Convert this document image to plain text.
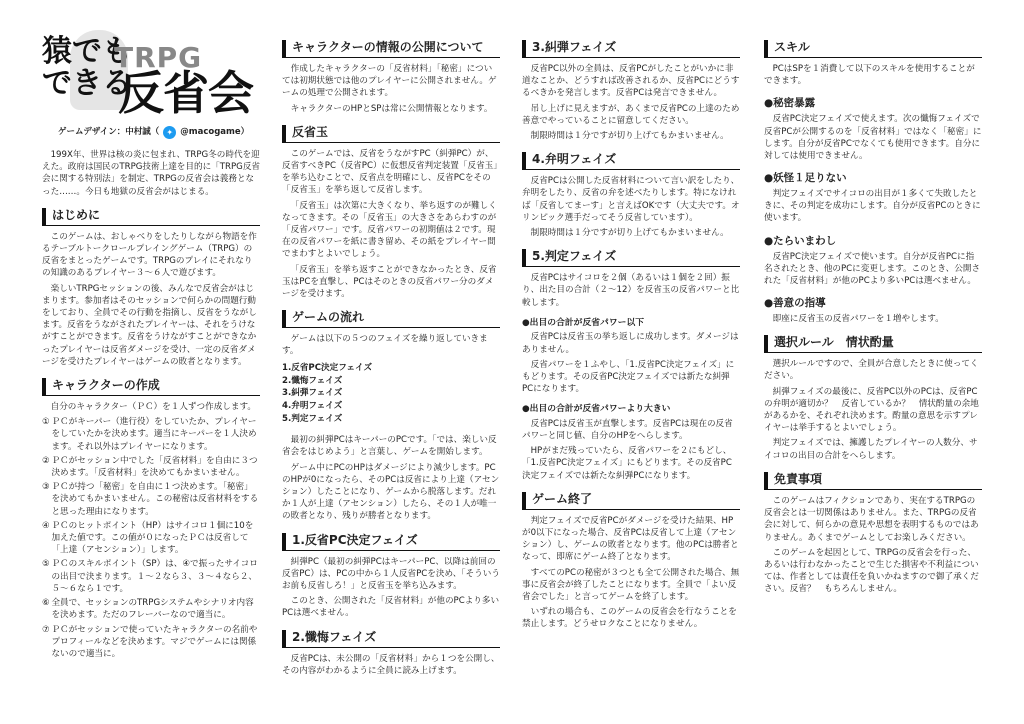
猿でも
できる
TRPG
反省会
ゲームデザイン：中村誠（ ✦ @macogame）

199X年、世界は核の炎に包まれ、TRPG冬の時代を迎えた。政府は国民のTRPG技術上達を目的に「TRPG反省会に関する特別法」を制定、TRPGの反省会は義務となった……。今日も地獄の反省会がはじまる。

はじめに

このゲームは、おしゃべりをしたりしながら物語を作るテーブルトークロールプレイングゲーム（TRPG）の反省をまとったゲームです。TRPGのプレイにそれなりの知識のあるプレイヤー３～６人で遊びます。

楽しいTRPGセッションの後、みんなで反省会がはじまります。参加者はそのセッションで何らかの問題行動をしており、全員でその行動を指摘し、反省をうながします。反省をうながされたプレイヤーは、それをうけながすことができます。反省をうけながすことができなかったプレイヤーは反省ダメージを受け、一定の反省ダメージを受けたプレイヤーはゲームの敗者となります。

キャラクターの作成

自分のキャラクター（ＰＣ）を１人ずつ作成します。

① ＰＣがキーパー（進行役）をしていたか、プレイヤーをしていたかを決めます。適当にキーパーを１人決めます。それ以外はプレイヤーになります。

② ＰＣがセッション中でした「反省材料」を自由に３つ決めます。「反省材料」を決めてもかまいません。

③ ＰＣが持つ「秘密」を自由に１つ決めます。「秘密」を決めてもかまいません。この秘密は反省材料をすると思った理由になります。

④ ＰＣのヒットポイント（HP）はサイコロ１個に10を加えた値です。この値が０になったＰＣは反省して「上達（アセンション）」します。

⑤ ＰＣのスキルポイント（SP）は、④で振ったサイコロの出目で決まります。１～２なら３、３～４なら２、５～６なら１です。

⑥ 全員で、セッションのTRPGシステムやシナリオ内容を決めます。ただのフレーバーなので適当に。

⑦ ＰＣがセッションで使っていたキャラクターの名前やプロフィールなどを決めます。マジでゲームには関係ないので適当に。

キャラクターの情報の公開について

作成したキャラクターの「反省材料」「秘密」については初期状態では他のプレイヤーに公開されません。ゲームの処理で公開されます。

キャラクターのHPとSPは常に公開情報となります。

反省玉

このゲームでは、反省をうながすPC（糾弾PC）が、反省すべきPC（反省PC）に仮想反省判定装置「反省玉」を挙ち込むことで、反省点を明確にし、反省PCをその「反省玉」を挙ち返して反省します。

「反省玉」は次第に大きくなり、挙ち返すのが難しくなってきます。その「反省玉」の大きさをあらわすのが「反省パワー」です。反省パワーの初期値は２です。現在の反省パワーを紙に書き留め、その紙をプレイヤー間でまわすとよいでしょう。

「反省玉」を挙ち返すことができなかったとき、反省玉はPCを直撃し、PCはそのときの反省パワー分のダメージを受けます。

ゲームの流れ

ゲームは以下の５つのフェイズを繰り返していきます。

1.反省PC決定フェイズ
2.懺悔フェイズ
3.糾弾フェイズ
4.弁明フェイズ
5.判定フェイズ

最初の糾弾PCはキーパーのPCです。「では、楽しい反省会をはじめよう」と言葉し、ゲームを開始します。

ゲーム中にPCのHPはダメージにより減少します。PCのHPが0になったら、そのPCは反省により上達（アセンション）したことになり、ゲームから脱落します。だれか１人が上達（アセンション）したら、その１人が唯一の敗者となり、残りが勝者となります。

1.反省PC決定フェイズ

糾弾PC（最初の糾弾PCはキーパーPC、以降は前回の反省PC）は、PCの中から１人反省PCを決め、「そういうお前も反省しろ！」と反省玉を挙ち込みます。

このとき、公開された「反省材料」が他のPCより多いPCは選べません。

2.懺悔フェイズ

反省PCは、未公開の「反省材料」から１つを公開し、その内容がわかるように全員に読み上げます。

3.糾弾フェイズ

反省PC以外の全員は、反省PCがしたことがいかに非道なことか、どうすれば改善されるか、反省PCにどうするべきかを発言します。反省PCは発言できません。

吊し上げに見えますが、あくまで反省PCの上達のため善意でやっていることに留意してください。

制限時間は１分ですが切り上げてもかまいません。

4.弁明フェイズ

反省PCは公開した反省材料について言い訳をしたり、弁明をしたり、反省の弁を述べたりします。特になければ「反省してまーす」と言えばOKです（大丈夫です。オリンピック選手だってそう反省しています）。

制限時間は１分ですが切り上げてもかまいません。

5.判定フェイズ

反省PCはサイコロを２個（あるいは１個を２回）振り、出た目の合計（２～12）を反省玉の反省パワーと比較します。

●出目の合計が反省パワー以下

反省PCは反省玉の挙ち返しに成功します。ダメージはありません。

反省パワーを１ふやし、「1.反省PC決定フェイズ」にもどります。その反省PC決定フェイズでは新たな糾弾PCになります。

●出目の合計が反省パワーより大きい

反省PCは反省玉が直撃します。反省PCは現在の反省パワーと同じ値、自分のHPをへらします。

HPがまだ残っていたら、反省パワーを２にもどし、「1.反省PC決定フェイズ」にもどります。その反省PC決定フェイズでは新たな糾弾PCになります。

ゲーム終了

判定フェイズで反省PCがダメージを受けた結果、HPが0以下になった場合、反省PCは反省して上達（アセンション）し、ゲームの敗者となります。他のPCは勝者となって、即席にゲーム終了となります。

すべてのPCの秘密が３つとも全て公開された場合、無事に反省会が終了したことになります。全員で「よい反省会でした」と言ってゲームを終了します。

いずれの場合も、このゲームの反省会を行なうことを禁止します。どうせロクなことになりません。

スキル

PCはSPを１消費して以下のスキルを使用することができます。

●秘密暴露

反省PC決定フェイズで使えます。次の懺悔フェイズで反省PCが公開するのを「反省材料」ではなく「秘密」にします。自分が反省PCでなくても使用できます。自分に対しては使用できません。

●妖怪１足りない

判定フェイズでサイコロの出目が１多くて失敗したときに、その判定を成功にします。自分が反省PCのときに使います。

●たらいまわし

反省PC決定フェイズで使います。自分が反省PCに指名されたとき、他のPCに変更します。このとき、公開された「反省材料」が他のPCより多いPCは選べません。

●善意の指導

即座に反省玉の反省パワーを１増やします。

選択ルール　情状酌量

選択ルールですので、全員が合意したときに使ってください。

糾弾フェイズの最後に、反省PC以外のPCは、反省PCの弁明が適切か？　反省しているか？　情状酌量の余地があるかを、それぞれ決めます。酌量の意思を示すプレイヤーは挙手するとよいでしょう。

判定フェイズでは、擁護したプレイヤーの人数分、サイコロの出目の合計をへらします。

免責事項

このゲームはフィクションであり、実在するTRPGの反省会とは一切関係はありません。また、TRPGの反省会に対して、何らかの意見や思想を表明するものではありません。あくまでゲームとしてお楽しみください。

このゲームを起因として、TRPGの反省会を行った、あるいは行わなかったことで生じた損害や不利益については、作者としては責任を負いかねますので御了承ください。反省？　もちろんしません。
